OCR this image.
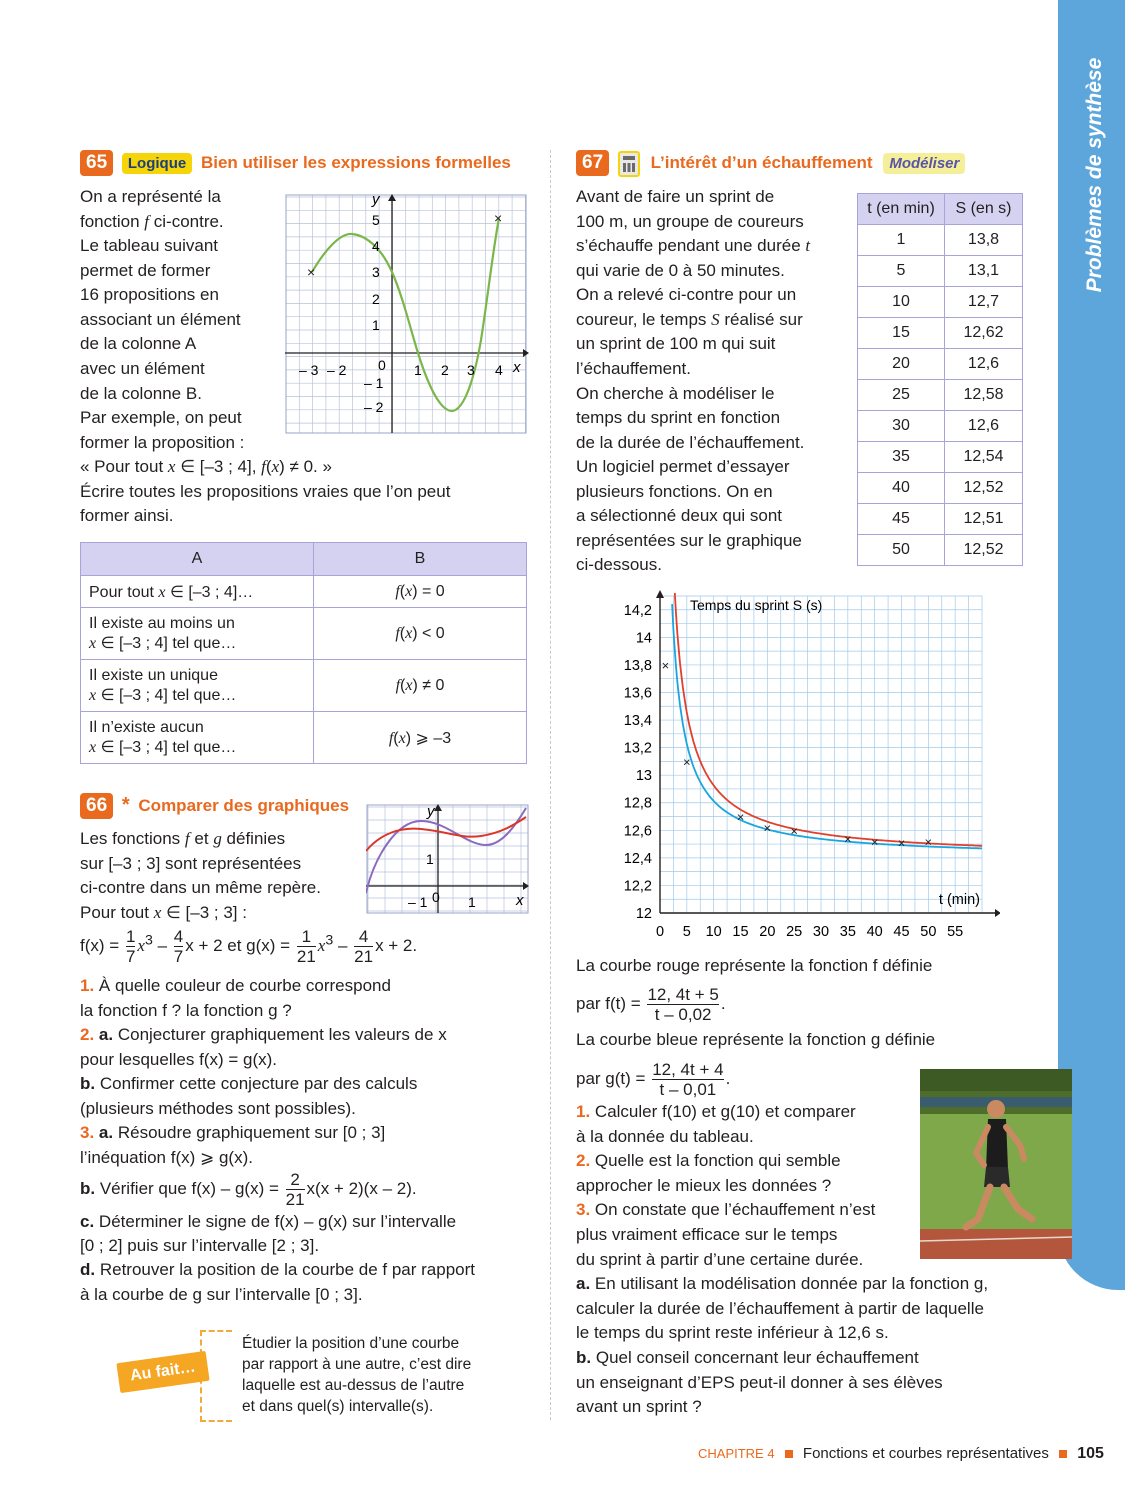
Problèmes de synthèse
65 Logique Bien utiliser les expressions formelles
On a représenté la
fonction f ci-contre.
Le tableau suivant
permet de former
16 propositions en
associant un élément
de la colonne A
avec un élément
de la colonne B.
Par exemple, on peut
former la proposition :
« Pour tout x ∈ [–3 ; 4], f(x) ≠ 0. »
Écrire toutes les propositions vraies que l’on peut
former ainsi.
×
×
y
x
5
4
3
2
1
– 1
– 2
– 3 – 2	1 2 3 4
0
A	B
Pour tout x ∈ [–3 ; 4]…	f(x) = 0
Il existe au moins un
x ∈ [–3 ; 4] tel que…	f(x) < 0
Il existe un unique
x ∈ [–3 ; 4] tel que…	f(x) ≠ 0
Il n’existe aucun
x ∈ [–3 ; 4] tel que…	f(x) ⩾ –3
66 * Comparer des graphiques
Les fonctions f et g définies
sur [–3 ; 3] sont représentées
ci-contre dans un même repère.
Pour tout x ∈ [–3 ; 3] :
y
x
1
1
0
– 1
$f(x) = \frac{1}{7} x^3 - \frac{4}{7}$ x + 2 et $g(x) = \frac{1}{21} x^3 - \frac{4}{21}$ x + 2.
1. À quelle couleur de courbe correspond
la fonction f ? la fonction g ?
2. a. Conjecturer graphiquement les valeurs de x
pour lesquelles f(x) = g(x).
b. Confirmer cette conjecture par des calculs
(plusieurs méthodes sont possibles).
3. a. Résoudre graphiquement sur [0 ; 3]
l’inéquation f(x) ⩾ g(x).
b. Vérifier que $f(x) - g(x) = \frac{2}{21} x(x + 2)(x - 2)$.
c. Déterminer le signe de f(x) – g(x) sur l’intervalle
[0 ; 2] puis sur l’intervalle [2 ; 3].
d. Retrouver la position de la courbe de f par rapport
à la courbe de g sur l’intervalle [0 ; 3].
Au fait…
Étudier la position d’une courbe
par rapport à une autre, c’est dire
laquelle est au-dessus de l’autre
et dans quel(s) intervalle(s).
67	L’intérêt d’un échauffement Modéliser
Avant de faire un sprint de
100 m, un groupe de coureurs
s’échauffe pendant une durée t
qui varie de 0 à 50 minutes.
On a relevé ci-contre pour un
coureur, le temps S réalisé sur
un sprint de 100 m qui suit
l’échauffement.
On cherche à modéliser le
temps du sprint en fonction
de la durée de l’échauffement.
Un logiciel permet d’essayer
plusieurs fonctions. On en
a sélectionné deux qui sont
représentées sur le graphique
ci-dessous.
t (en min)	S (en s)
1	13,8
5	13,1
10	12,7
15	12,62
20	12,6
25	12,58
30	12,6
35	12,54
40	12,52
45	12,51
50	12,52
×
×
×
× ×
× × × ×
12
12,2
12,4
12,6
12,8
13
13,2
13,4
13,6
13,8
14
14,2
0 5 10 15 20 25 30 35 40 45 50 55
Temps du sprint S (s)
t (min)
La courbe rouge représente la fonction f définie
par $f(t) = \frac{12, 4t + 5}{t - 0,02}$ .
La courbe bleue représente la fonction g définie
par $g(t) = \frac{12, 4t + 4}{t - 0,01}$ .
1. Calculer f(10) et g(10) et comparer
à la donnée du tableau.
2. Quelle est la fonction qui semble
approcher le mieux les données ?
3. On constate que l’échauffement n’est
plus vraiment efficace sur le temps
du sprint à partir d’une certaine durée.
a. En utilisant la modélisation donnée par la fonction g,
calculer la durée de l’échauffement à partir de laquelle
le temps du sprint reste inférieur à 12,6 s.
b. Quel conseil concernant leur échauffement
un enseignant d’EPS peut-il donner à ses élèves
avant un sprint ?
CHAPITRE 4 Fonctions et courbes représentatives 105
